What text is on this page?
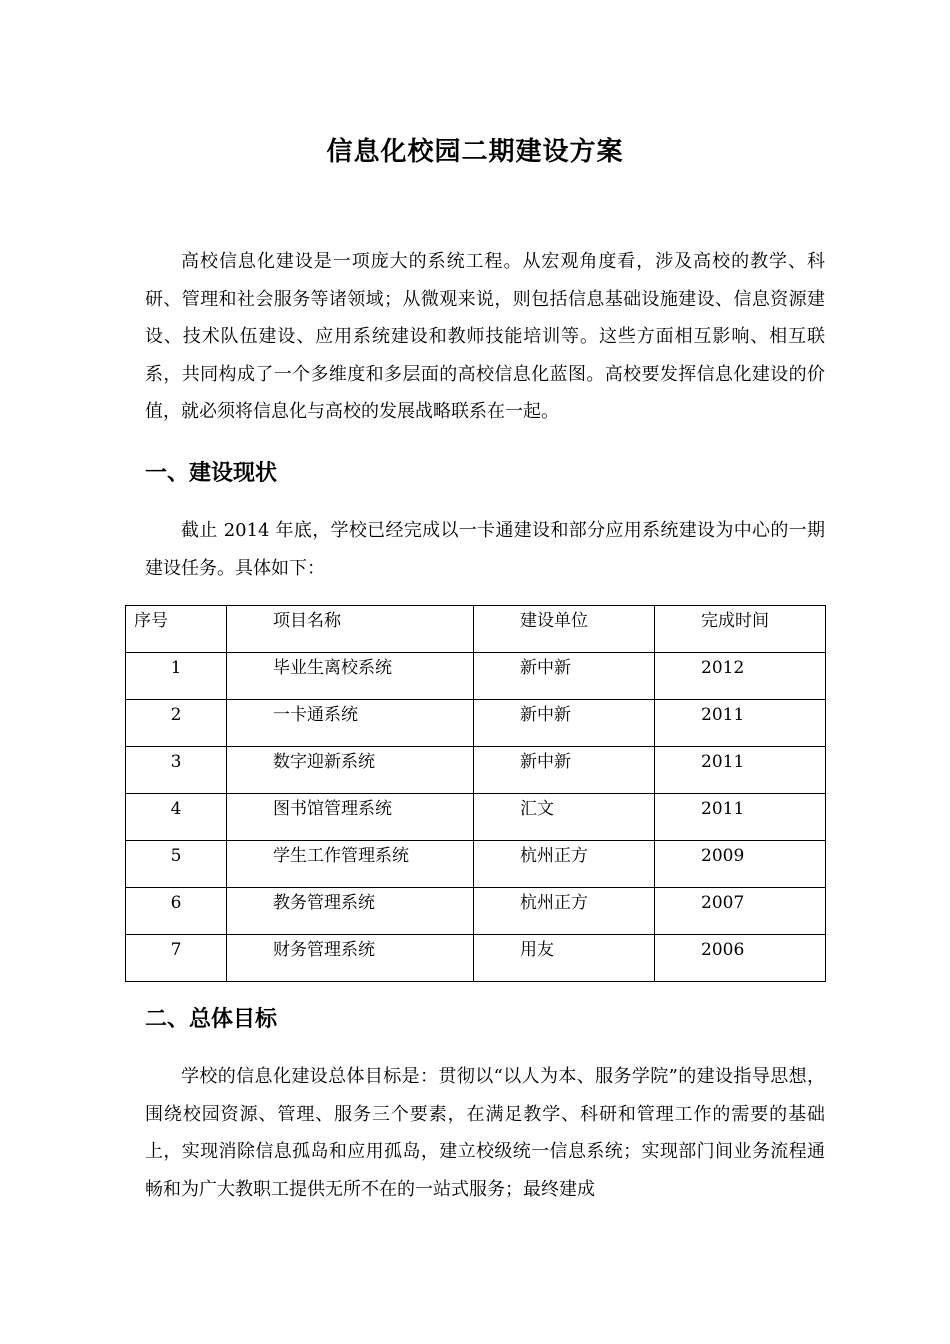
信息化校园二期建设方案

高校信息化建设是一项庞大的系统工程。从宏观角度看，涉及高校的教学、科研、管理和社会服务等诸领域；从微观来说，则包括信息基础设施建设、信息资源建设、技术队伍建设、应用系统建设和教师技能培训等。这些方面相互影响、相互联系，共同构成了一个多维度和多层面的高校信息化蓝图。高校要发挥信息化建设的价值，就必须将信息化与高校的发展战略联系在一起。

一、建设现状

截止 2014 年底，学校已经完成以一卡通建设和部分应用系统建设为中心的一期建设任务。具体如下：

序号	项目名称	建设单位	完成时间
1	毕业生离校系统	新中新	2012
2	一卡通系统	新中新	2011
3	数字迎新系统	新中新	2011
4	图书馆管理系统	汇文	2011
5	学生工作管理系统	杭州正方	2009
6	教务管理系统	杭州正方	2007
7	财务管理系统	用友	2006
二、总体目标

学校的信息化建设总体目标是：贯彻以“以人为本、服务学院”的建设指导思想，围绕校园资源、管理、服务三个要素，在满足教学、科研和管理工作的需要的基础上，实现消除信息孤岛和应用孤岛，建立校级统一信息系统；实现部门间业务流程通畅和为广大教职工提供无所不在的一站式服务；最终建成
